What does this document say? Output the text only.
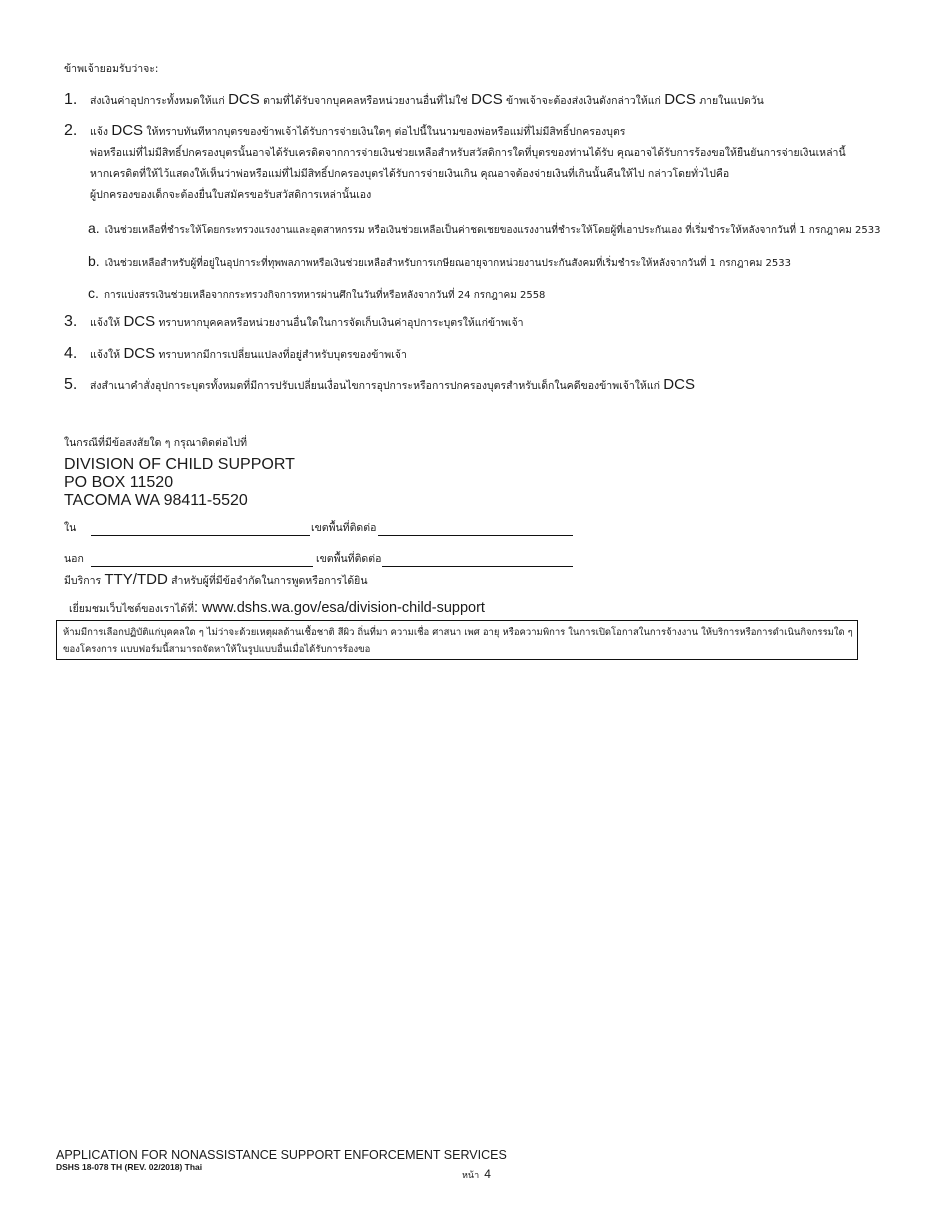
ข้าพเจ้ายอมรับว่าจะ:
1. ส่งเงินค่าอุปการะทั้งหมดให้แก่ DCS ตามที่ได้รับจากบุคคลหรือหน่วยงานอื่นที่ไม่ใช่ DCS ข้าพเจ้าจะต้องส่งเงินดังกล่าวให้แก่ DCS ภายในแปดวัน
2. แจ้ง DCS ให้ทราบทันทีหากบุตรของข้าพเจ้าได้รับการจ่ายเงินใดๆ ต่อไปนี้ในนามของพ่อหรือแม่ที่ไม่มีสิทธิ์ปกครองบุตร
พ่อหรือแม่ที่ไม่มีสิทธิ์ปกครองบุตรนั้นอาจได้รับเครดิตจากการจ่ายเงินช่วยเหลือสำหรับสวัสดิการใดที่บุตรของท่านได้รับ คุณอาจได้รับการร้องขอให้ยืนยันการจ่ายเงินเหล่านี้
หากเครดิตที่ให้ไว้แสดงให้เห็นว่าพ่อหรือแม่ที่ไม่มีสิทธิ์ปกครองบุตรได้รับการจ่ายเงินเกิน คุณอาจต้องจ่ายเงินที่เกินนั้นคืนให้ไป กล่าวโดยทั่วไปคือ
ผู้ปกครองของเด็กจะต้องยื่นใบสมัครขอรับสวัสดิการเหล่านั้นเอง
a. เงินช่วยเหลือที่ชำระให้โดยกระทรวงแรงงานและอุตสาหกรรม หรือเงินช่วยเหลือเป็นค่าชดเชยของแรงงานที่ชำระให้โดยผู้ที่เอาประกันเอง ที่เริ่มชำระให้หลังจากวันที่ 1 กรกฎาคม 2533
b. เงินช่วยเหลือสำหรับผู้ที่อยู่ในอุปการะที่ทุพพลภาพหรือเงินช่วยเหลือสำหรับการเกษียณอายุจากหน่วยงานประกันสังคมที่เริ่มชำระให้หลังจากวันที่ 1 กรกฎาคม 2533
c. การแบ่งสรรเงินช่วยเหลือจากกระทรวงกิจการทหารผ่านศึกในวันที่หรือหลังจากวันที่ 24 กรกฎาคม 2558
3. แจ้งให้ DCS ทราบหากบุคคลหรือหน่วยงานอื่นใดในการจัดเก็บเงินค่าอุปการะบุตรให้แก่ข้าพเจ้า
4. แจ้งให้ DCS ทราบหากมีการเปลี่ยนแปลงที่อยู่สำหรับบุตรของข้าพเจ้า
5. ส่งสำเนาคำสั่งอุปการะบุตรทั้งหมดที่มีการปรับเปลี่ยนเงื่อนไขการอุปการะหรือการปกครองบุตรสำหรับเด็กในคดีของข้าพเจ้าให้แก่ DCS
ในกรณีที่มีข้อสงสัยใด ๆ กรุณาติดต่อไปที่
DIVISION OF CHILD SUPPORT
PO BOX 11520
TACOMA WA 98411-5520
ใน	เขตพื้นที่ติดต่อ
นอก	เขตพื้นที่ติดต่อ
มีบริการ TTY/TDD สำหรับผู้ที่มีข้อจำกัดในการพูดหรือการได้ยิน
เยี่ยมชมเว็บไซต์ของเราได้ที่: www.dshs.wa.gov/esa/division-child-support
ห้ามมีการเลือกปฏิบัติแก่บุคคลใด ๆ ไม่ว่าจะด้วยเหตุผลด้านเชื้อชาติ สีผิว ถิ่นที่มา ความเชื่อ ศาสนา เพศ อายุ หรือความพิการ ในการเปิดโอกาสในการจ้างงาน ให้บริการหรือการดำเนินกิจกรรมใด ๆ
ของโครงการ แบบฟอร์มนี้สามารถจัดหาให้ในรูปแบบอื่นเมื่อได้รับการร้องขอ
APPLICATION FOR NONASSISTANCE SUPPORT ENFORCEMENT SERVICES
DSHS 18-078 TH (REV. 02/2018) Thai
หน้า 4
